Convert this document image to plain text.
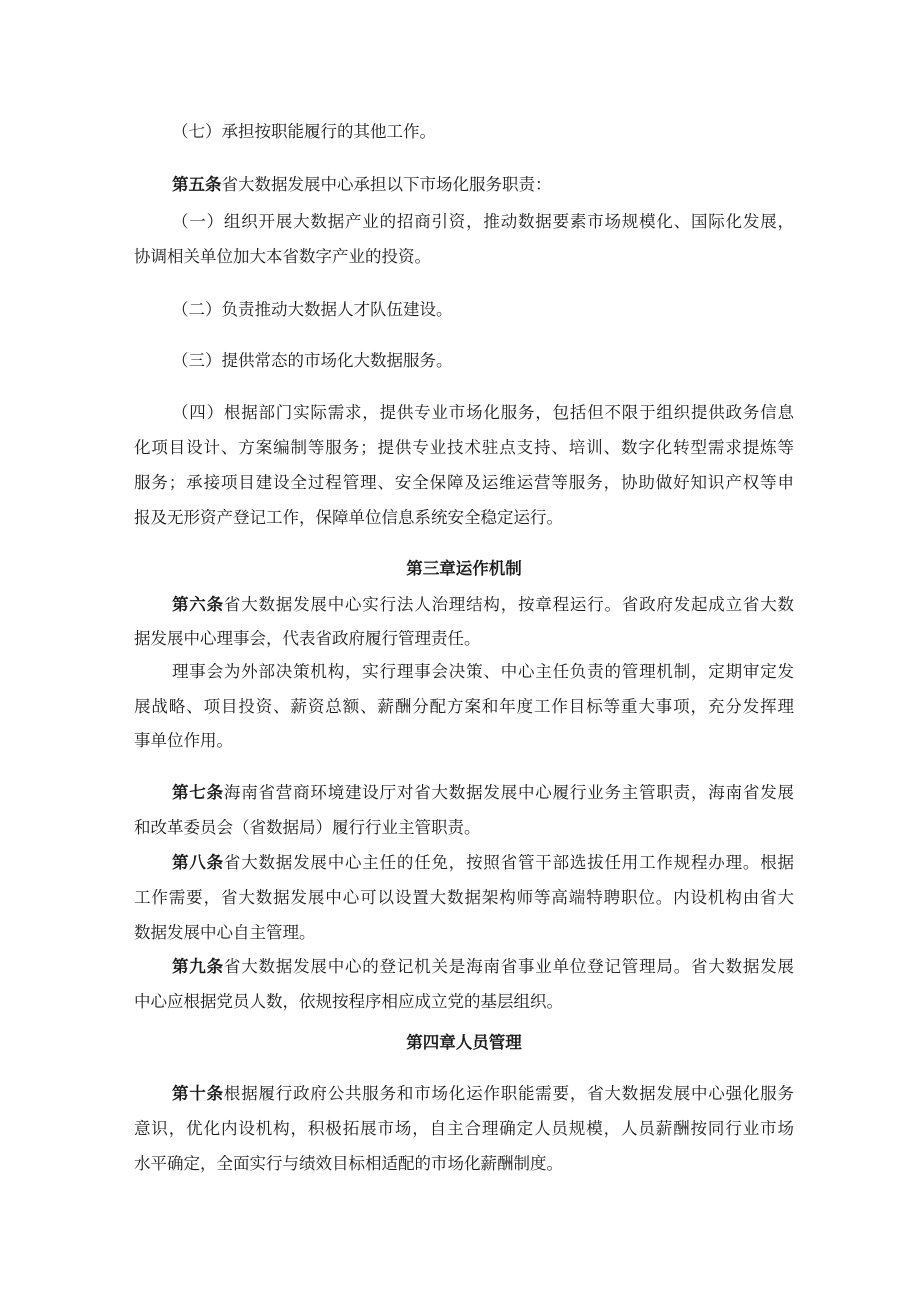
（七）承担按职能履行的其他工作。
第五条省大数据发展中心承担以下市场化服务职责：
（一）组织开展大数据产业的招商引资，推动数据要素市场规模化、国际化发展，
协调相关单位加大本省数字产业的投资。
（二）负责推动大数据人才队伍建设。
（三）提供常态的市场化大数据服务。
（四）根据部门实际需求，提供专业市场化服务，包括但不限于组织提供政务信息
化项目设计、方案编制等服务；提供专业技术驻点支持、培训、数字化转型需求提炼等
服务；承接项目建设全过程管理、安全保障及运维运营等服务，协助做好知识产权等申
报及无形资产登记工作，保障单位信息系统安全稳定运行。
第三章运作机制
第六条省大数据发展中心实行法人治理结构，按章程运行。省政府发起成立省大数
据发展中心理事会，代表省政府履行管理责任。
理事会为外部决策机构，实行理事会决策、中心主任负责的管理机制，定期审定发
展战略、项目投资、薪资总额、薪酬分配方案和年度工作目标等重大事项，充分发挥理
事单位作用。
第七条海南省营商环境建设厅对省大数据发展中心履行业务主管职责，海南省发展
和改革委员会（省数据局）履行行业主管职责。
第八条省大数据发展中心主任的任免，按照省管干部选拔任用工作规程办理。根据
工作需要，省大数据发展中心可以设置大数据架构师等高端特聘职位。内设机构由省大
数据发展中心自主管理。
第九条省大数据发展中心的登记机关是海南省事业单位登记管理局。省大数据发展
中心应根据党员人数，依规按程序相应成立党的基层组织。
第四章人员管理
第十条根据履行政府公共服务和市场化运作职能需要，省大数据发展中心强化服务
意识，优化内设机构，积极拓展市场，自主合理确定人员规模，人员薪酬按同行业市场
水平确定，全面实行与绩效目标相适配的市场化薪酬制度。
